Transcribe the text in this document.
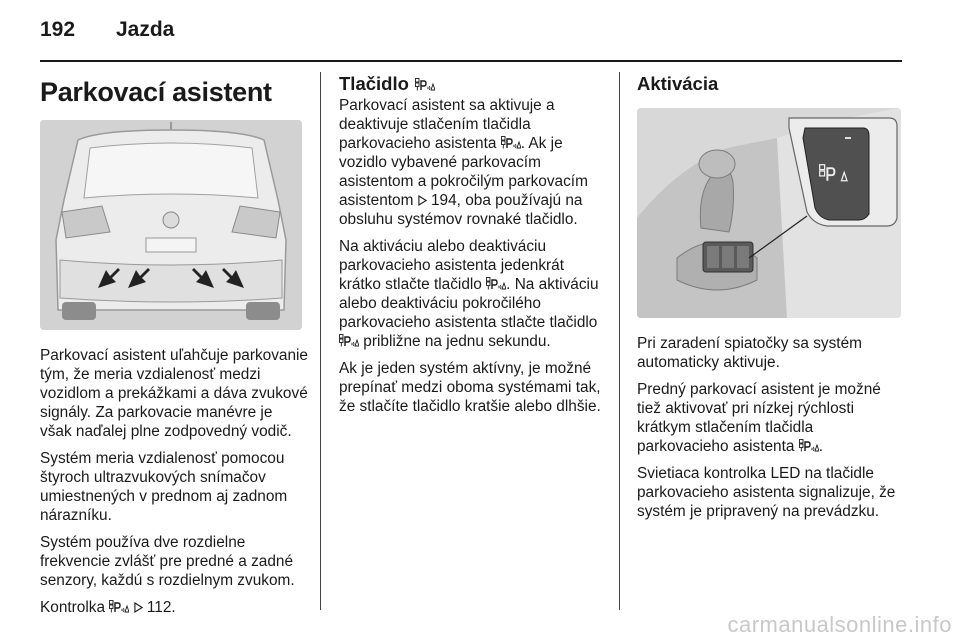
192 Jazda
Parkovací asistent

Parkovací asistent uľahčuje parkovanie tým, že meria vzdialenosť medzi vozidlom a prekážkami a dáva zvukové signály. Za parkovacie manévre je však naďalej plne zodpovedný vodič.

Systém meria vzdialenosť pomocou štyroch ultrazvukových snímačov umiestnených v prednom aj zadnom nárazníku.

Systém používa dve rozdielne frekvencie zvlášť pre predné a zadné senzory, každú s rozdielnym zvukom.

Kontrolka	112.

Tlačidlo

Parkovací asistent sa aktivuje a deaktivuje stlačením tlačidla parkovacieho asistenta . Ak je vozidlo vybavené parkovacím asistentom a pokročilým parkovacím asistentom 194, oba používajú na obsluhu systémov rovnaké tlačidlo.

Na aktiváciu alebo deaktiváciu parkovacieho asistenta jedenkrát krátko stlačte tlačidlo . Na aktiváciu alebo deaktiváciu pokročilého parkovacieho asistenta stlačte tlačidlo  približne na jednu sekundu.

Ak je jeden systém aktívny, je možné prepínať medzi oboma systémami tak, že stlačíte tlačidlo kratšie alebo dlhšie.

Aktivácia

Pri zaradení spiatočky sa systém automaticky aktivuje.

Predný parkovací asistent je možné tiež aktivovať pri nízkej rýchlosti krátkym stlačením tlačidla parkovacieho asistenta .

Svietiaca kontrolka LED na tlačidle parkovacieho asistenta signalizuje, že systém je pripravený na prevádzku.

carmanualsonline.info
